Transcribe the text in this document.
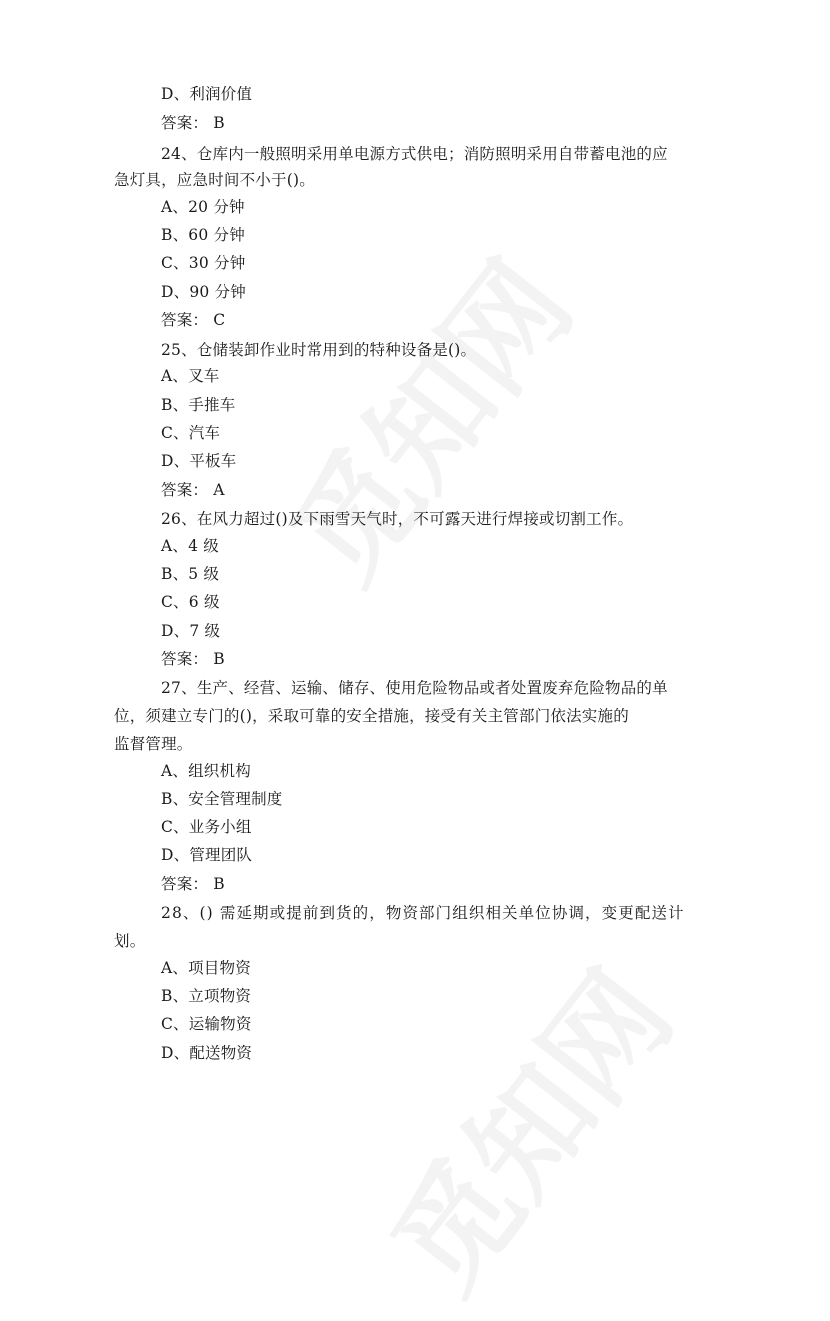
D、利润价值
答案： B
24、仓库内一般照明采用单电源方式供电；消防照明采用自带蓄电池的应
急灯具，应急时间不小于()。
A、20 分钟
B、60 分钟
C、30 分钟
D、90 分钟
答案： C
25、仓储装卸作业时常用到的特种设备是()。
A、叉车
B、手推车
C、汽车
D、平板车
答案： A
26、在风力超过()及下雨雪天气时，不可露天进行焊接或切割工作。
A、4 级
B、5 级
C、6 级
D、7 级
答案： B
27、生产、经营、运输、储存、使用危险物品或者处置废弃危险物品的单
位，须建立专门的()，采取可靠的安全措施，接受有关主管部门依法实施的
监督管理。
A、组织机构
B、安全管理制度
C、业务小组
D、管理团队
答案： B
28、() 需延期或提前到货的，物资部门组织相关单位协调，变更配送计
划。
A、项目物资
B、立项物资
C、运输物资
D、配送物资
